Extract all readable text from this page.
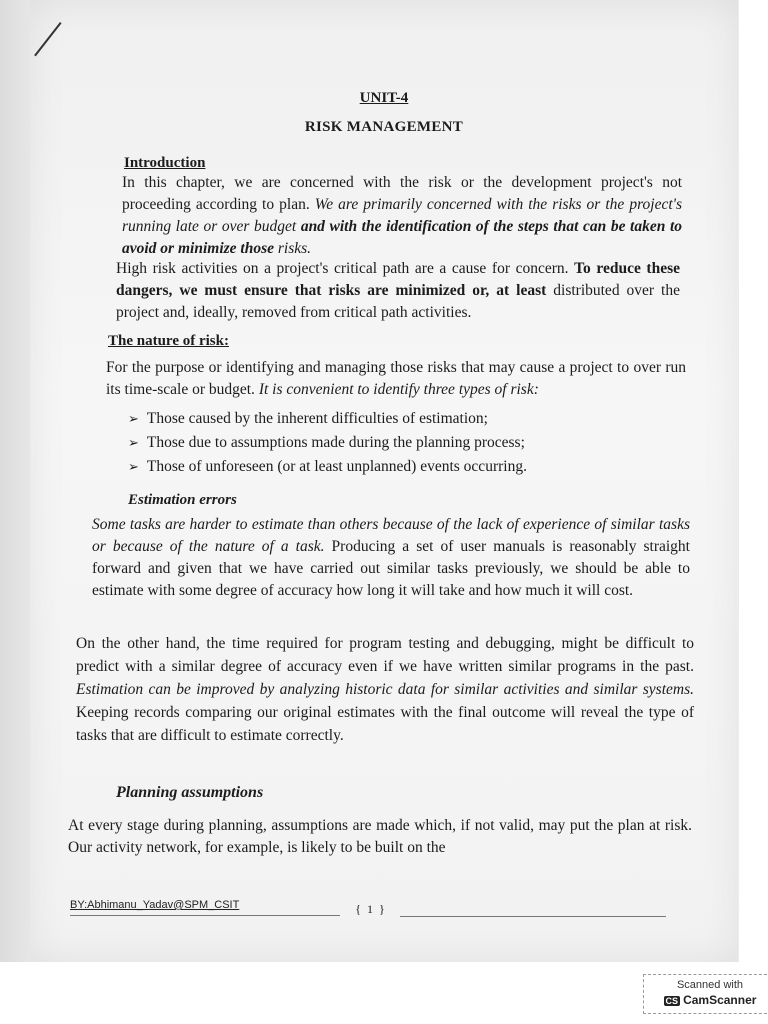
UNIT-4
RISK MANAGEMENT
Introduction

In this chapter, we are concerned with the risk or the development project's not proceeding according to plan. We are primarily concerned with the risks or the project's running late or over budget and with the identification of the steps that can be taken to avoid or minimize those risks.

High risk activities on a project's critical path are a cause for concern. To reduce these dangers, we must ensure that risks are minimized or, at least distributed over the project and, ideally, removed from critical path activities.

The nature of risk:

For the purpose or identifying and managing those risks that may cause a project to over run its time-scale or budget. It is convenient to identify three types of risk:

➢ Those caused by the inherent difficulties of estimation;
➢ Those due to assumptions made during the planning process;
➢ Those of unforeseen (or at least unplanned) events occurring.
Estimation errors

Some tasks are harder to estimate than others because of the lack of experience of similar tasks or because of the nature of a task. Producing a set of user manuals is reasonably straight forward and given that we have carried out similar tasks previously, we should be able to estimate with some degree of accuracy how long it will take and how much it will cost.

On the other hand, the time required for program testing and debugging, might be difficult to predict with a similar degree of accuracy even if we have written similar programs in the past. Estimation can be improved by analyzing historic data for similar activities and similar systems. Keeping records comparing our original estimates with the final outcome will reveal the type of tasks that are difficult to estimate correctly.

Planning assumptions

At every stage during planning, assumptions are made which, if not valid, may put the plan at risk. Our activity network, for example, is likely to be built on the

BY:Abhimanu_Yadav@SPM_CSIT	{  1  }
Scanned with
CS CamScanner
